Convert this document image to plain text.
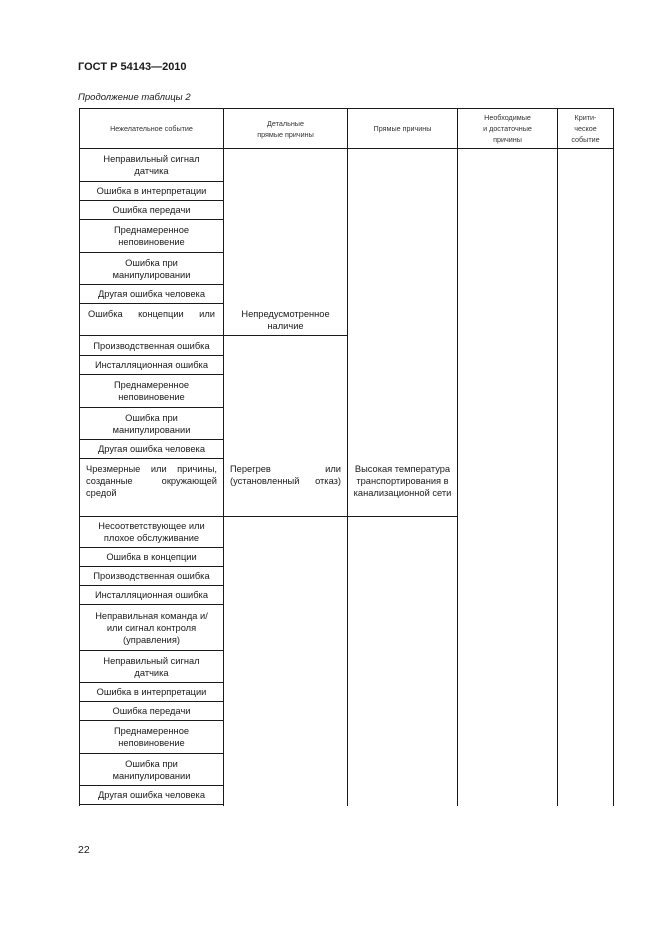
ГОСТ Р 54143—2010
Продолжение таблицы 2
Нежелательное событие
Детальные
прямые причины
Прямые причины
Необходимые
и достаточные
причины
Крити-
ческое
событие
Неправильный сигнал датчика
Ошибка в интерпретации
Ошибка передачи
Преднамеренное неповиновение
Ошибка при манипулировании
Другая ошибка человека
Ошибка концепции или
Производственная ошибка
Инсталляционная ошибка
Преднамеренное неповиновение
Ошибка при манипулировании
Другая ошибка человека
Чрезмерные или причины, созданные окружающей средой
Несоответствующее или плохое обслуживание
Ошибка в концепции
Производственная ошибка
Инсталляционная ошибка
Неправильная команда и/или сигнал контроля (управления)
Неправильный сигнал датчика
Ошибка в интерпретации
Ошибка передачи
Преднамеренное неповиновение
Ошибка при манипулировании
Другая ошибка человека
Непредусмотренное наличие
Перегрев или (установленный отказ)
Высокая температура транспортирования в канализационной сети
22
